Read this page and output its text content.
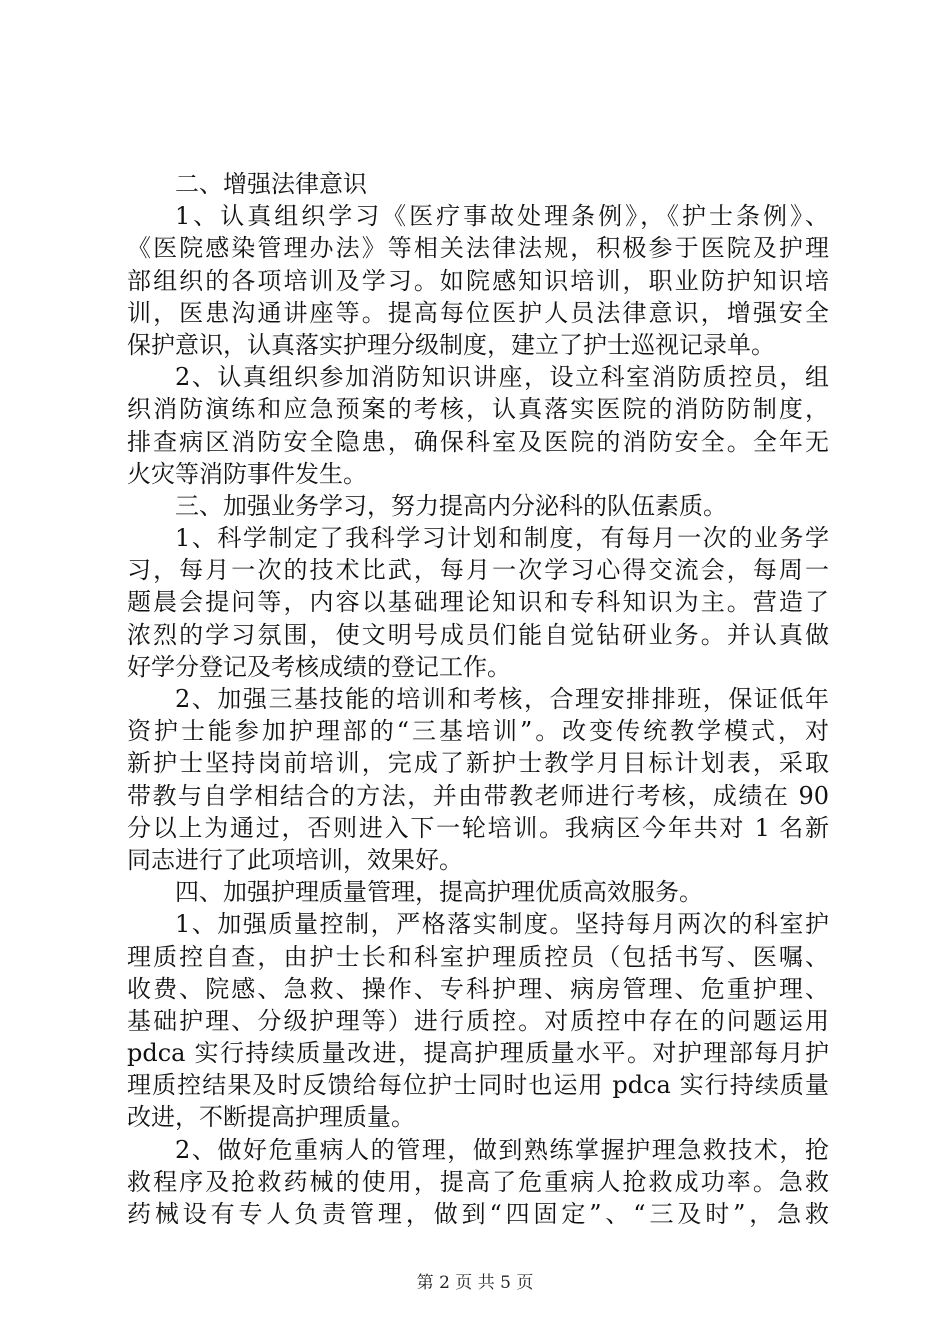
二、增强法律意识
1、认真组织学习《医疗事故处理条例》，《护士条例》、
《医院感染管理办法》等相关法律法规，积极参于医院及护理
部组织的各项培训及学习。如院感知识培训，职业防护知识培
训，医患沟通讲座等。提高每位医护人员法律意识，增强安全
保护意识，认真落实护理分级制度，建立了护士巡视记录单。
2、认真组织参加消防知识讲座，设立科室消防质控员，组
织消防演练和应急预案的考核，认真落实医院的消防防制度，
排查病区消防安全隐患，确保科室及医院的消防安全。全年无
火灾等消防事件发生。
三、加强业务学习，努力提高内分泌科的队伍素质。
1、科学制定了我科学习计划和制度，有每月一次的业务学
习，每月一次的技术比武，每月一次学习心得交流会，每周一
题晨会提问等，内容以基础理论知识和专科知识为主。营造了
浓烈的学习氛围，使文明号成员们能自觉钻研业务。并认真做
好学分登记及考核成绩的登记工作。
2、加强三基技能的培训和考核，合理安排排班，保证低年
资护士能参加护理部的“三基培训”。改变传统教学模式，对
新护士坚持岗前培训，完成了新护士教学月目标计划表，采取
带教与自学相结合的方法，并由带教老师进行考核，成绩在 90
分以上为通过，否则进入下一轮培训。我病区今年共对 1 名新
同志进行了此项培训，效果好。
四、加强护理质量管理，提高护理优质高效服务。
1、加强质量控制，严格落实制度。坚持每月两次的科室护
理质控自查，由护士长和科室护理质控员（包括书写、医嘱、
收费、院感、急救、操作、专科护理、病房管理、危重护理、
基础护理、分级护理等）进行质控。对质控中存在的问题运用
pdca 实行持续质量改进，提高护理质量水平。对护理部每月护
理质控结果及时反馈给每位护士同时也运用 pdca 实行持续质量
改进，不断提高护理质量。
2、做好危重病人的管理，做到熟练掌握护理急救技术，抢
救程序及抢救药械的使用，提高了危重病人抢救成功率。急救
药械设有专人负责管理，做到“四固定”、“三及时”，急救
第 2 页 共 5 页
